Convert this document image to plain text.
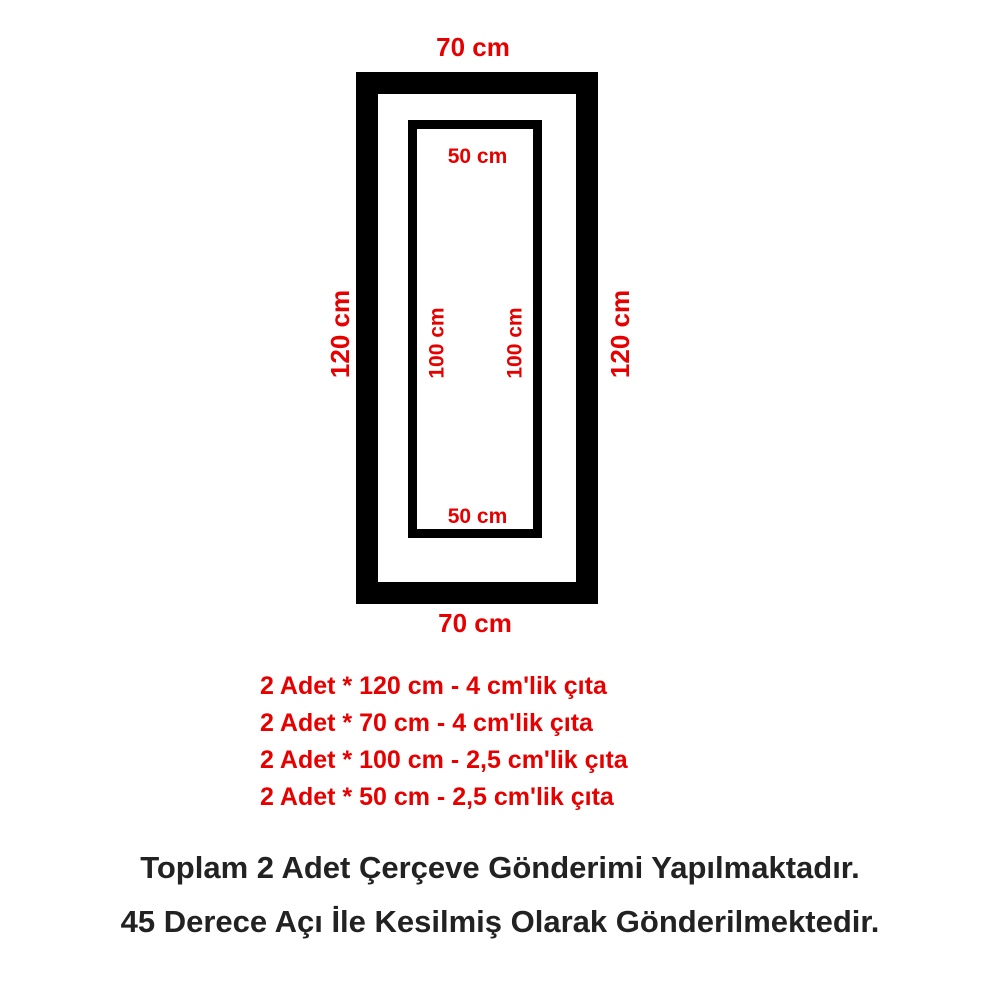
70 cm
70 cm
120 cm	120 cm
50 cm
50 cm
100 cm	100 cm
2 Adet * 120 cm - 4 cm'lik çıta
2 Adet * 70 cm - 4 cm'lik çıta
2 Adet * 100 cm - 2,5 cm'lik çıta
2 Adet * 50 cm - 2,5 cm'lik çıta
Toplam 2 Adet Çerçeve Gönderimi Yapılmaktadır.
45 Derece Açı İle Kesilmiş Olarak Gönderilmektedir.
